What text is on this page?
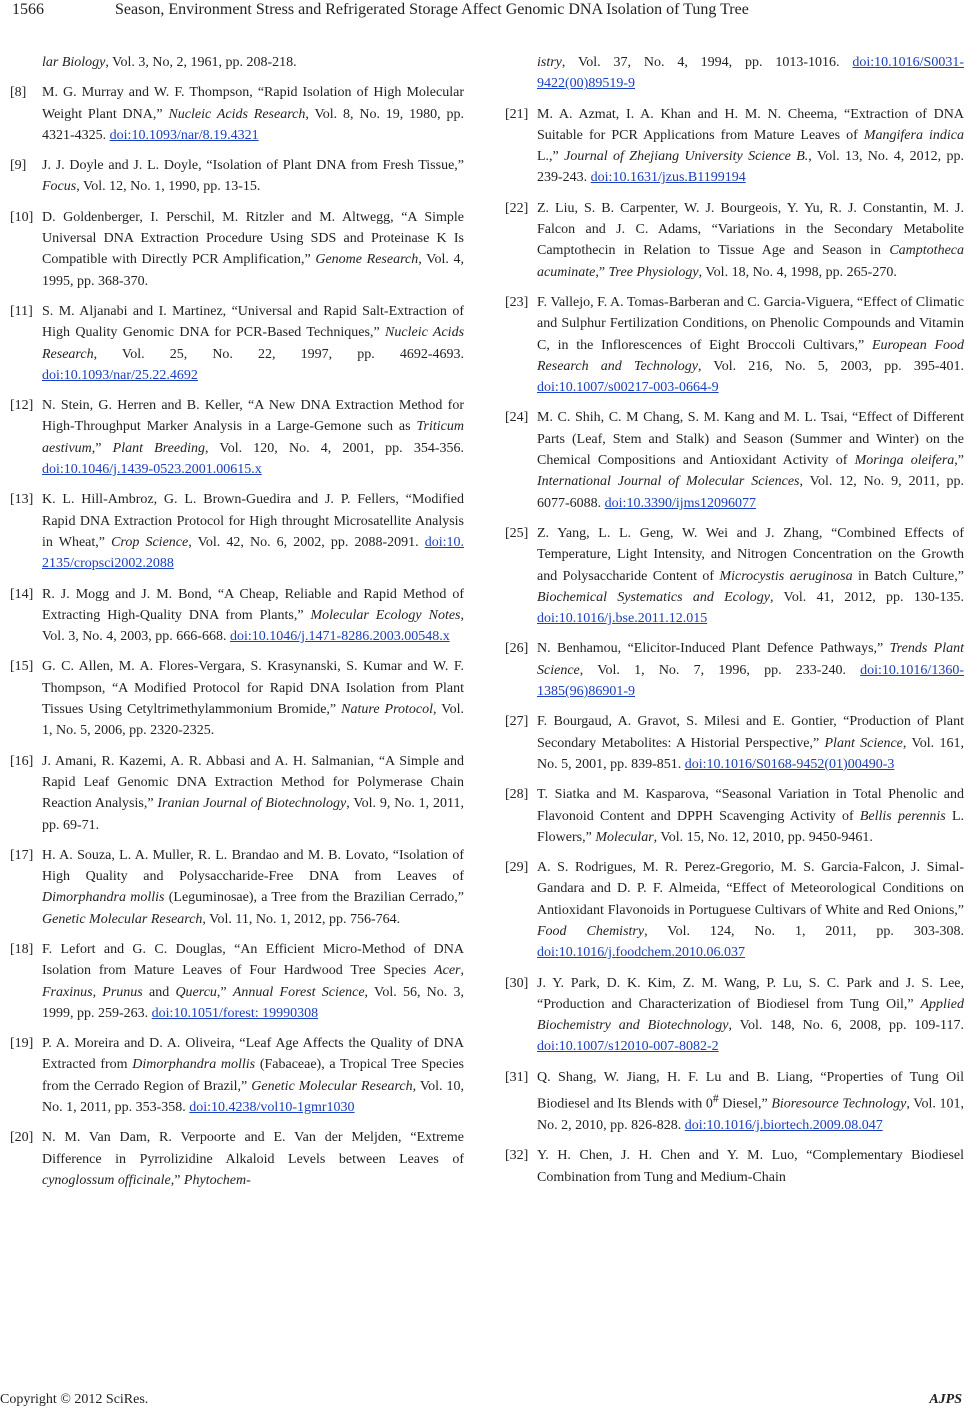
1566	Season, Environment Stress and Refrigerated Storage Affect Genomic DNA Isolation of Tung Tree
lar Biology, Vol. 3, No, 2, 1961, pp. 208-218.
[8] M. G. Murray and W. F. Thompson, “Rapid Isolation of High Molecular Weight Plant DNA,” Nucleic Acids Research, Vol. 8, No. 19, 1980, pp. 4321-4325. doi:10.1093/nar/8.19.4321
[9] J. J. Doyle and J. L. Doyle, “Isolation of Plant DNA from Fresh Tissue,” Focus, Vol. 12, No. 1, 1990, pp. 13-15.
[10] D. Goldenberger, I. Perschil, M. Ritzler and M. Altwegg, “A Simple Universal DNA Extraction Procedure Using SDS and Proteinase K Is Compatible with Directly PCR Amplification,” Genome Research, Vol. 4, 1995, pp. 368-370.
[11] S. M. Aljanabi and I. Martinez, “Universal and Rapid Salt-Extraction of High Quality Genomic DNA for PCR-Based Techniques,” Nucleic Acids Research, Vol. 25, No. 22, 1997, pp. 4692-4693. doi:10.1093/nar/25.22.4692
[12] N. Stein, G. Herren and B. Keller, “A New DNA Extraction Method for High-Throughput Marker Analysis in a Large-Gemone such as Triticum aestivum,” Plant Breeding, Vol. 120, No. 4, 2001, pp. 354-356. doi:10.1046/j.1439-0523.2001.00615.x
[13] K. L. Hill-Ambroz, G. L. Brown-Guedira and J. P. Fellers, “Modified Rapid DNA Extraction Protocol for High throught Microsatellite Analysis in Wheat,” Crop Science, Vol. 42, No. 6, 2002, pp. 2088-2091. doi:10. 2135/cropsci2002.2088
[14] R. J. Mogg and J. M. Bond, “A Cheap, Reliable and Rapid Method of Extracting High-Quality DNA from Plants,” Molecular Ecology Notes, Vol. 3, No. 4, 2003, pp. 666-668. doi:10.1046/j.1471-8286.2003.00548.x
[15] G. C. Allen, M. A. Flores-Vergara, S. Krasynanski, S. Kumar and W. F. Thompson, “A Modified Protocol for Rapid DNA Isolation from Plant Tissues Using Cetyltrimethylammonium Bromide,” Nature Protocol, Vol. 1, No. 5, 2006, pp. 2320-2325.
[16] J. Amani, R. Kazemi, A. R. Abbasi and A. H. Salmanian, “A Simple and Rapid Leaf Genomic DNA Extraction Method for Polymerase Chain Reaction Analysis,” Iranian Journal of Biotechnology, Vol. 9, No. 1, 2011, pp. 69-71.
[17] H. A. Souza, L. A. Muller, R. L. Brandao and M. B. Lovato, “Isolation of High Quality and Polysaccharide-Free DNA from Leaves of Dimorphandra mollis (Leguminosae), a Tree from the Brazilian Cerrado,” Genetic Molecular Research, Vol. 11, No. 1, 2012, pp. 756-764.
[18] F. Lefort and G. C. Douglas, “An Efficient Micro-Method of DNA Isolation from Mature Leaves of Four Hardwood Tree Species Acer, Fraxinus, Prunus and Quercu,” Annual Forest Science, Vol. 56, No. 3, 1999, pp. 259-263. doi:10.1051/forest: 19990308
[19] P. A. Moreira and D. A. Oliveira, “Leaf Age Affects the Quality of DNA Extracted from Dimorphandra mollis (Fabaceae), a Tropical Tree Species from the Cerrado Region of Brazil,” Genetic Molecular Research, Vol. 10, No. 1, 2011, pp. 353-358. doi:10.4238/vol10-1gmr1030
[20] N. M. Van Dam, R. Verpoorte and E. Van der Meljden, “Extreme Difference in Pyrrolizidine Alkaloid Levels between Leaves of cynoglossum officinale,” Phytochem-
istry, Vol. 37, No. 4, 1994, pp. 1013-1016. doi:10.1016/S0031-9422(00)89519-9
[21] M. A. Azmat, I. A. Khan and H. M. N. Cheema, “Extraction of DNA Suitable for PCR Applications from Mature Leaves of Mangifera indica L.,” Journal of Zhejiang University Science B., Vol. 13, No. 4, 2012, pp. 239-243. doi:10.1631/jzus.B1199194
[22] Z. Liu, S. B. Carpenter, W. J. Bourgeois, Y. Yu, R. J. Constantin, M. J. Falcon and J. C. Adams, “Variations in the Secondary Metabolite Camptothecin in Relation to Tissue Age and Season in Camptotheca acuminate,” Tree Physiology, Vol. 18, No. 4, 1998, pp. 265-270.
[23] F. Vallejo, F. A. Tomas-Barberan and C. Garcia-Viguera, “Effect of Climatic and Sulphur Fertilization Conditions, on Phenolic Compounds and Vitamin C, in the Inflorescences of Eight Broccoli Cultivars,” European Food Research and Technology, Vol. 216, No. 5, 2003, pp. 395-401. doi:10.1007/s00217-003-0664-9
[24] M. C. Shih, C. M Chang, S. M. Kang and M. L. Tsai, “Effect of Different Parts (Leaf, Stem and Stalk) and Season (Summer and Winter) on the Chemical Compositions and Antioxidant Activity of Moringa oleifera,” International Journal of Molecular Sciences, Vol. 12, No. 9, 2011, pp. 6077-6088. doi:10.3390/ijms12096077
[25] Z. Yang, L. L. Geng, W. Wei and J. Zhang, “Combined Effects of Temperature, Light Intensity, and Nitrogen Concentration on the Growth and Polysaccharide Content of Microcystis aeruginosa in Batch Culture,” Biochemical Systematics and Ecology, Vol. 41, 2012, pp. 130-135. doi:10.1016/j.bse.2011.12.015
[26] N. Benhamou, “Elicitor-Induced Plant Defence Pathways,” Trends Plant Science, Vol. 1, No. 7, 1996, pp. 233-240. doi:10.1016/1360-1385(96)86901-9
[27] F. Bourgaud, A. Gravot, S. Milesi and E. Gontier, “Production of Plant Secondary Metabolites: A Historial Perspective,” Plant Science, Vol. 161, No. 5, 2001, pp. 839-851. doi:10.1016/S0168-9452(01)00490-3
[28] T. Siatka and M. Kasparova, “Seasonal Variation in Total Phenolic and Flavonoid Content and DPPH Scavenging Activity of Bellis perennis L. Flowers,” Molecular, Vol. 15, No. 12, 2010, pp. 9450-9461.
[29] A. S. Rodrigues, M. R. Perez-Gregorio, M. S. Garcia-Falcon, J. Simal-Gandara and D. P. F. Almeida, “Effect of Meteorological Conditions on Antioxidant Flavonoids in Portuguese Cultivars of White and Red Onions,” Food Chemistry, Vol. 124, No. 1, 2011, pp. 303-308. doi:10.1016/j.foodchem.2010.06.037
[30] J. Y. Park, D. K. Kim, Z. M. Wang, P. Lu, S. C. Park and J. S. Lee, “Production and Characterization of Biodiesel from Tung Oil,” Applied Biochemistry and Biotechnology, Vol. 148, No. 6, 2008, pp. 109-117. doi:10.1007/s12010-007-8082-2
[31] Q. Shang, W. Jiang, H. F. Lu and B. Liang, “Properties of Tung Oil Biodiesel and Its Blends with 0# Diesel,” Bioresource Technology, Vol. 101, No. 2, 2010, pp. 826-828. doi:10.1016/j.biortech.2009.08.047
[32] Y. H. Chen, J. H. Chen and Y. M. Luo, “Complementary Biodiesel Combination from Tung and Medium-Chain
Copyright © 2012 SciRes.	AJPS
